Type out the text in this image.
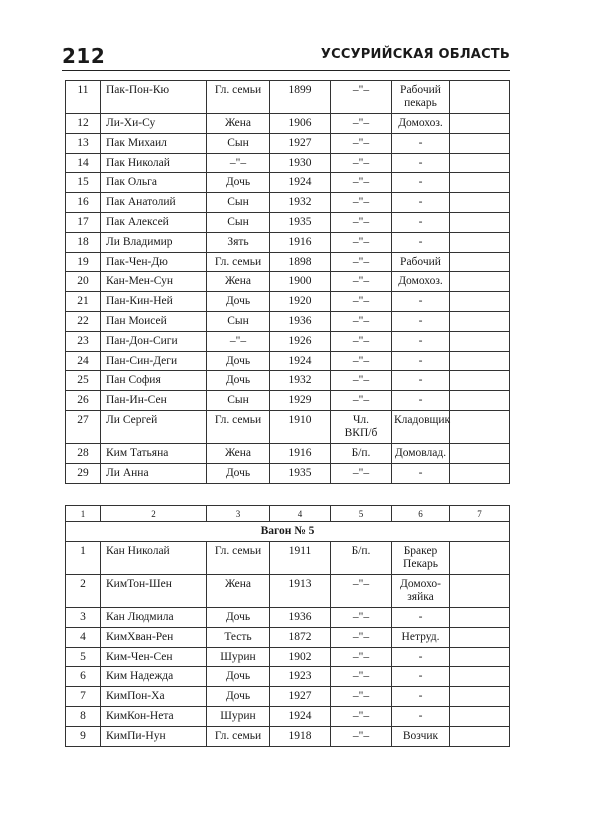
212	УССУРИЙСКАЯ ОБЛАСТЬ
11	Пак-Пон-Кю	Гл. семьи	1899	–"–	Рабочий
пекарь	

12	Ли-Хи-Су	Жена	1906	–"–	Домохоз.	

13	Пак Михаил	Сын	1927	–"–	-	

14	Пак Николай	–"–	1930	–"–	-	

15	Пак Ольга	Дочь	1924	–"–	-	

16	Пак Анатолий	Сын	1932	–"–	-	

17	Пак Алексей	Сын	1935	–"–	-	

18	Ли Владимир	Зять	1916	–"–	-	

19	Пак-Чен-Дю	Гл. семьи	1898	–"–	Рабочий	

20	Кан-Мен-Сун	Жена	1900	–"–	Домохоз.	

21	Пан-Кин-Ней	Дочь	1920	–"–	-	

22	Пан Моисей	Сын	1936	–"–	-	

23	Пан-Дон-Сиги	–"–	1926	–"–	-	

24	Пан-Син-Деги	Дочь	1924	–"–	-	

25	Пан София	Дочь	1932	–"–	-	

26	Пан-Ин-Сен	Сын	1929	–"–	-	

27	Ли Сергей	Гл. семьи	1910	Чл.
ВКП/б	Кладовщик	

28	Ким Татьяна	Жена	1916	Б/п.	Домовлад.	

29	Ли Анна	Дочь	1935	–"–	-	

1	2	3	4	5	6	7
Вагон № 5						

1	Кан Николай	Гл. семьи	1911	Б/п.	Бракер
Пекарь	

2	КимТон-Шен	Жена	1913	–"–	Домохо-
зяйка	

3	Кан Людмила	Дочь	1936	–"–	-	

4	КимХван-Рен	Тесть	1872	–"–	Нетруд.	

5	Ким-Чен-Сен	Шурин	1902	–"–	-	

6	Ким Надежда	Дочь	1923	–"–	-	

7	КимПон-Ха	Дочь	1927	–"–	-	

8	КимКон-Нета	Шурин	1924	–"–	-	

9	КимПи-Нун	Гл. семьи	1918	–"–	Возчик	
